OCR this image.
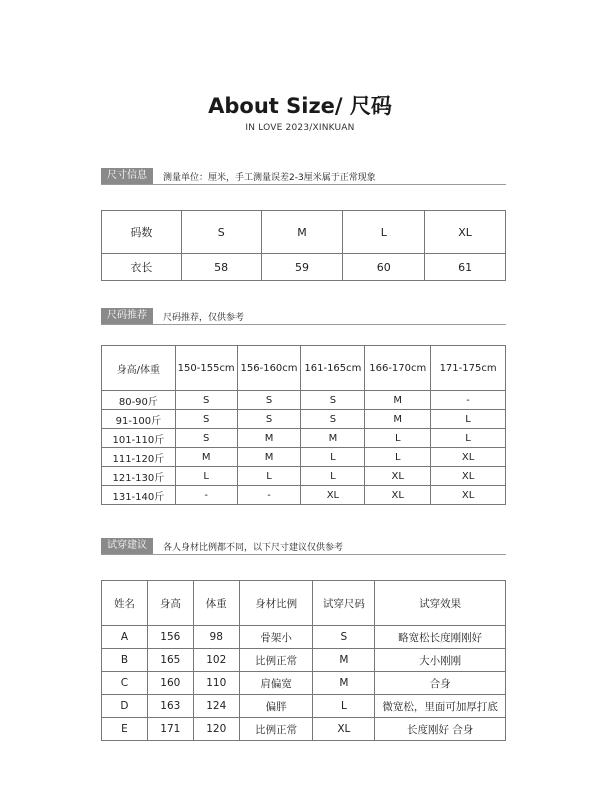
About Size/ 尺码
IN LOVE 2023/XINKUAN
尺寸信息	测量单位：厘米，手工测量误差2-3厘米属于正常现象
码数	S	M	L	XL
衣长	58	59	60	61
尺码推荐	尺码推荐，仅供参考
身高/体重	150-155cm	156-160cm	161-165cm	166-170cm	171-175cm
80-90斤	S	S	S	M	-
91-100斤	S	S	S	M	L
101-110斤	S	M	M	L	L
111-120斤	M	M	L	L	XL
121-130斤	L	L	L	XL	XL
131-140斤	-	-	XL	XL	XL
试穿建议	各人身材比例都不同，以下尺寸建议仅供参考
姓名	身高	体重	身材比例	试穿尺码	试穿效果
A	156	98	骨架小	S	略宽松长度刚刚好
B	165	102	比例正常	M	大小刚刚
C	160	110	肩偏宽	M	合身
D	163	124	偏胖	L	微宽松，里面可加厚打底
E	171	120	比例正常	XL	长度刚好 合身
